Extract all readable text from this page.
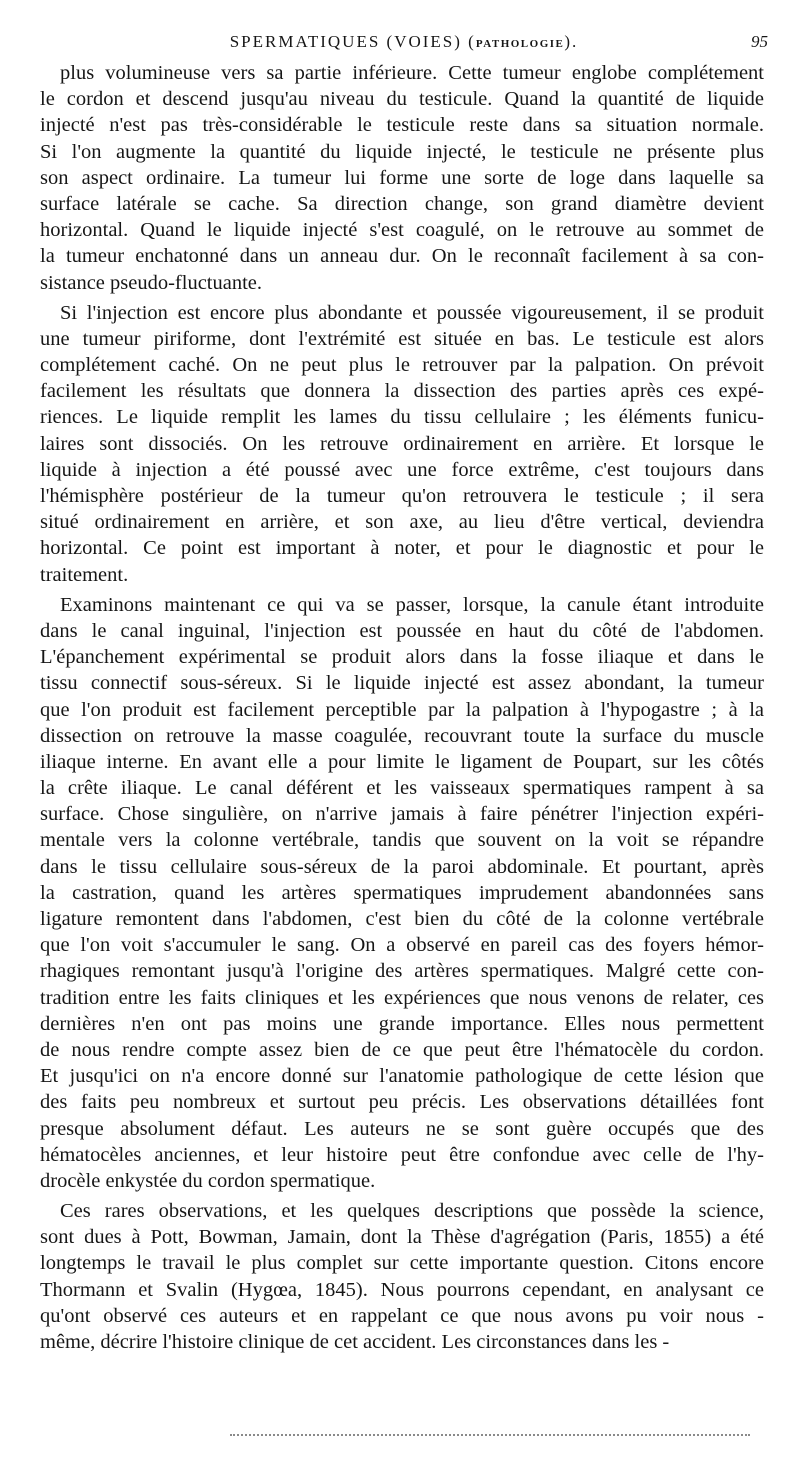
SPERMATIQUES (VOIES) (PATHOLOGIE).	95
plus volumineuse vers sa partie inférieure. Cette tumeur englobe complétement
le cordon et descend jusqu'au niveau du testicule. Quand la quantité de liquide
injecté n'est pas très-considérable le testicule reste dans sa situation normale.
Si l'on augmente la quantité du liquide injecté, le testicule ne présente plus
son aspect ordinaire. La tumeur lui forme une sorte de loge dans laquelle sa
surface latérale se cache. Sa direction change, son grand diamètre devient
horizontal. Quand le liquide injecté s'est coagulé, on le retrouve au sommet de
la tumeur enchatonné dans un anneau dur. On le reconnaît facilement à sa con-
sistance pseudo-fluctuante.
Si l'injection est encore plus abondante et poussée vigoureusement, il se produit
une tumeur piriforme, dont l'extrémité est située en bas. Le testicule est alors
complétement caché. On ne peut plus le retrouver par la palpation. On prévoit
facilement les résultats que donnera la dissection des parties après ces expé-
riences. Le liquide remplit les lames du tissu cellulaire ; les éléments funicu-
laires sont dissociés. On les retrouve ordinairement en arrière. Et lorsque le
liquide à injection a été poussé avec une force extrême, c'est toujours dans
l'hémisphère postérieur de la tumeur qu'on retrouvera le testicule ; il sera
situé ordinairement en arrière, et son axe, au lieu d'être vertical, deviendra
horizontal. Ce point est important à noter, et pour le diagnostic et pour le
traitement.
Examinons maintenant ce qui va se passer, lorsque, la canule étant introduite
dans le canal inguinal, l'injection est poussée en haut du côté de l'abdomen.
L'épanchement expérimental se produit alors dans la fosse iliaque et dans le
tissu connectif sous-séreux. Si le liquide injecté est assez abondant, la tumeur
que l'on produit est facilement perceptible par la palpation à l'hypogastre ; à la
dissection on retrouve la masse coagulée, recouvrant toute la surface du muscle
iliaque interne. En avant elle a pour limite le ligament de Poupart, sur les côtés
la crête iliaque. Le canal déférent et les vaisseaux spermatiques rampent à sa
surface. Chose singulière, on n'arrive jamais à faire pénétrer l'injection expéri-
mentale vers la colonne vertébrale, tandis que souvent on la voit se répandre
dans le tissu cellulaire sous-séreux de la paroi abdominale. Et pourtant, après
la castration, quand les artères spermatiques imprudement abandonnées sans
ligature remontent dans l'abdomen, c'est bien du côté de la colonne vertébrale
que l'on voit s'accumuler le sang. On a observé en pareil cas des foyers hémor-
rhagiques remontant jusqu'à l'origine des artères spermatiques. Malgré cette con-
tradition entre les faits cliniques et les expériences que nous venons de relater, ces
dernières n'en ont pas moins une grande importance. Elles nous permettent
de nous rendre compte assez bien de ce que peut être l'hématocèle du cordon.
Et jusqu'ici on n'a encore donné sur l'anatomie pathologique de cette lésion que
des faits peu nombreux et surtout peu précis. Les observations détaillées font
presque absolument défaut. Les auteurs ne se sont guère occupés que des
hématocèles anciennes, et leur histoire peut être confondue avec celle de l'hy-
drocèle enkystée du cordon spermatique.
Ces rares observations, et les quelques descriptions que possède la science,
sont dues à Pott, Bowman, Jamain, dont la Thèse d'agrégation (Paris, 1855) a été
longtemps le travail le plus complet sur cette importante question. Citons encore
Thormann et Svalin (Hygœa, 1845). Nous pourrons cependant, en analysant ce
qu'ont observé ces auteurs et en rappelant ce que nous avons pu voir nous -
même, décrire l'histoire clinique de cet accident. Les circonstances dans les -
